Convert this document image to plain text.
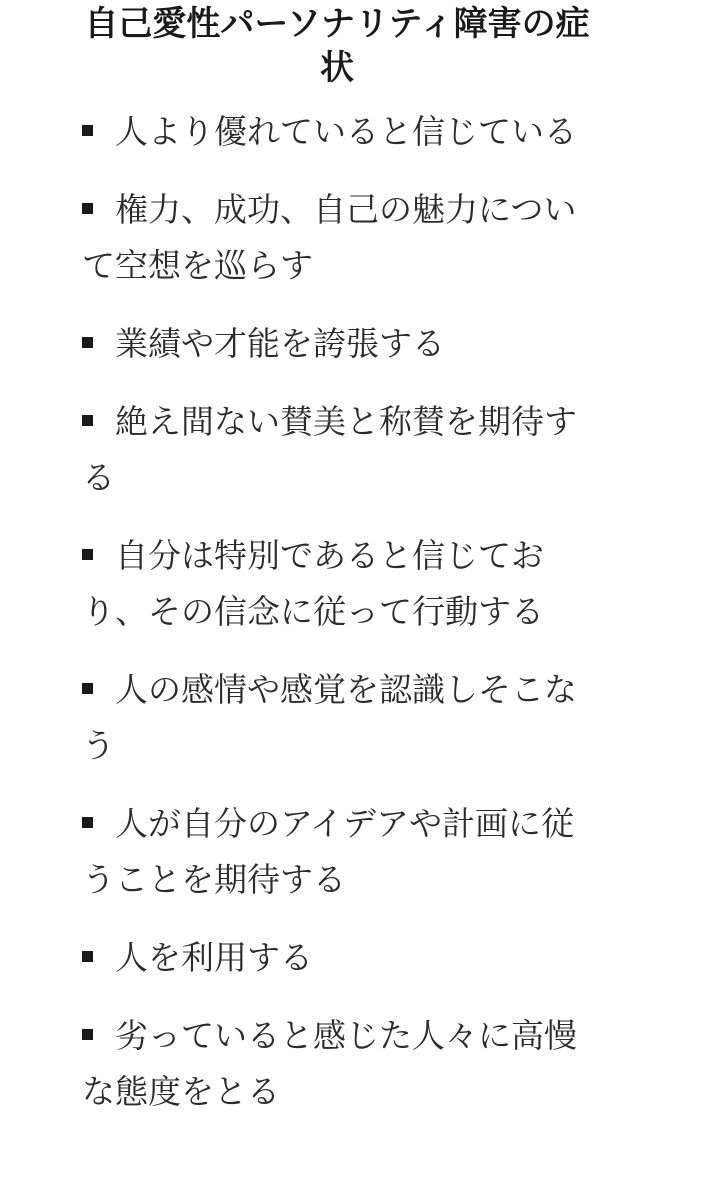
自己愛性パーソナリティ障害の症状
人より優れていると信じている
権力、成功、自己の魅力について空想を巡らす
業績や才能を誇張する
絶え間ない賛美と称賛を期待する
自分は特別であると信じており、その信念に従って行動する
人の感情や感覚を認識しそこなう
人が自分のアイデアや計画に従うことを期待する
人を利用する
劣っていると感じた人々に高慢な態度をとる
